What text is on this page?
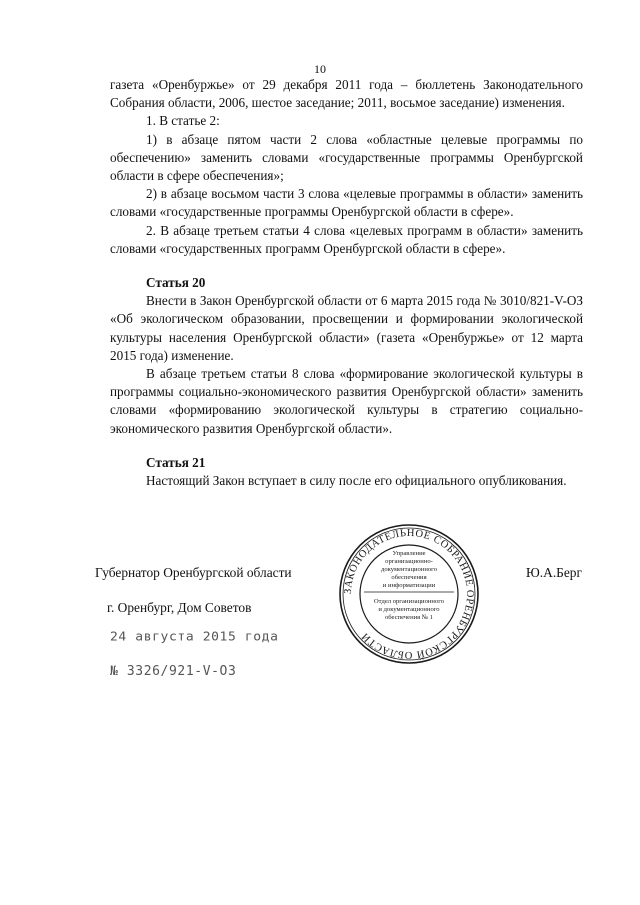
10

газета «Оренбуржье» от 29 декабря 2011 года – бюллетень Законодательного Собрания области, 2006, шестое заседание; 2011, восьмое заседание) изменения.

1. В статье 2:

1) в абзаце пятом части 2 слова «областные целевые программы по обеспечению» заменить словами «государственные программы Оренбургской области в сфере обеспечения»;

2) в абзаце восьмом части 3 слова «целевые программы в области» заменить словами «государственные программы Оренбургской области в сфере».

2. В абзаце третьем статьи 4 слова «целевых программ в области» заменить словами «государственных программ Оренбургской области в сфере».

Статья 20

Внести в Закон Оренбургской области от 6 марта 2015 года № 3010/821-V-ОЗ «Об экологическом образовании, просвещении и формировании экологической культуры населения Оренбургской области» (газета «Оренбуржье» от 12 марта 2015 года) изменение.

В абзаце третьем статьи 8 слова «формирование экологической культуры в программы социально-экономического развития Оренбургской области» заменить словами «формированию экологической культуры в стратегию социально-экономического развития Оренбургской области».

Статья 21

Настоящий Закон вступает в силу после его официального опубликования.

Губернатор Оренбургской области	Ю.А.Берг
г. Оренбург, Дом Советов
24 августа 2015 года
№ 3326/921-V-ОЗ
ЗАКОНОДАТЕЛЬНОЕ СОБРАНИЕ ОРЕНБУРГСКОЙ ОБЛАСТИ
Управление
организационно-
документационного
обеспечения
и информатизации
Отдел организационного
и документационного
обеспечения № 1
